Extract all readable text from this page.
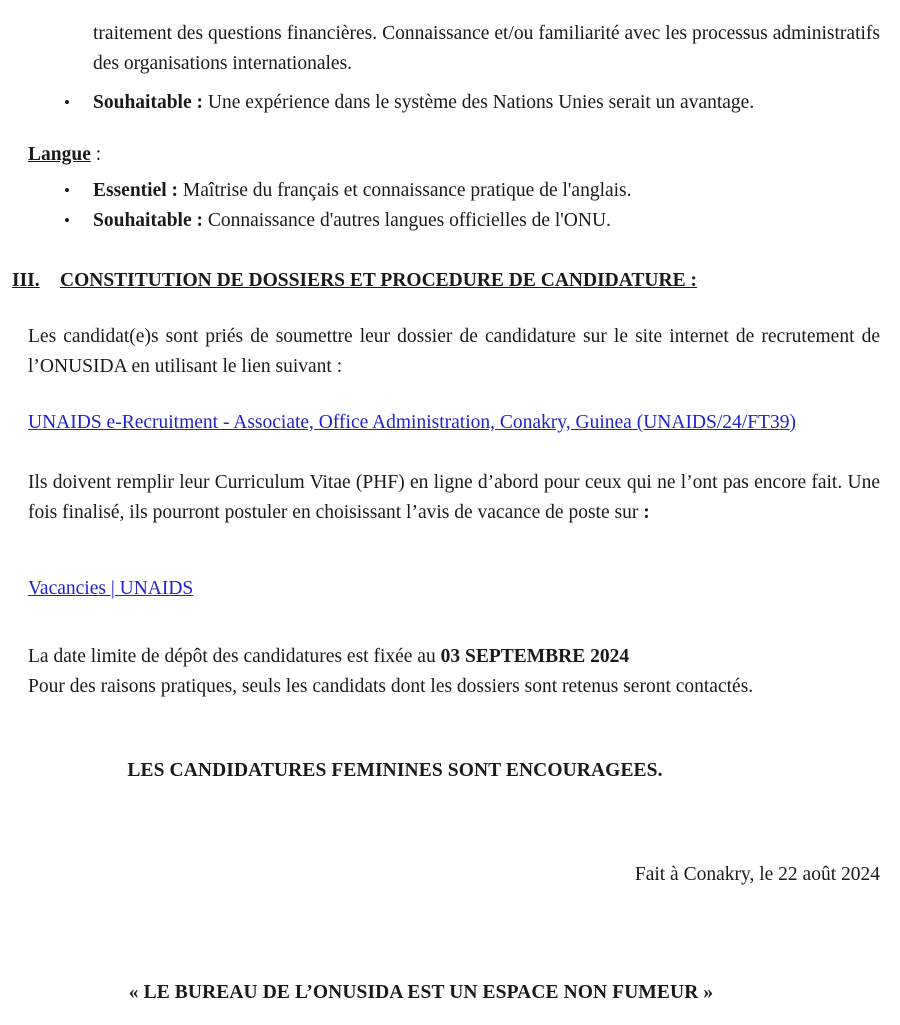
traitement des questions financières. Connaissance et/ou familiarité avec les processus administratifs des organisations internationales.

• Souhaitable : Une expérience dans le système des Nations Unies serait un avantage.

Langue :

• Essentiel : Maîtrise du français et connaissance pratique de l'anglais.
• Souhaitable : Connaissance d'autres langues officielles de l'ONU.

III. CONSTITUTION DE DOSSIERS ET PROCEDURE DE CANDIDATURE :

Les candidat(e)s sont priés de soumettre leur dossier de candidature sur le site internet de recrutement de l’ONUSIDA en utilisant le lien suivant :

UNAIDS e-Recruitment - Associate, Office Administration, Conakry, Guinea (UNAIDS/24/FT39)

Ils doivent remplir leur Curriculum Vitae (PHF) en ligne d’abord pour ceux qui ne l’ont pas encore fait. Une fois finalisé, ils pourront postuler en choisissant l’avis de vacance de poste sur :

Vacancies | UNAIDS

La date limite de dépôt des candidatures est fixée au 03 SEPTEMBRE 2024

Pour des raisons pratiques, seuls les candidats dont les dossiers sont retenus seront contactés.

LES CANDIDATURES FEMININES SONT ENCOURAGEES.

Fait à Conakry, le 22 août 2024

« LE BUREAU DE L’ONUSIDA EST UN ESPACE NON FUMEUR »
